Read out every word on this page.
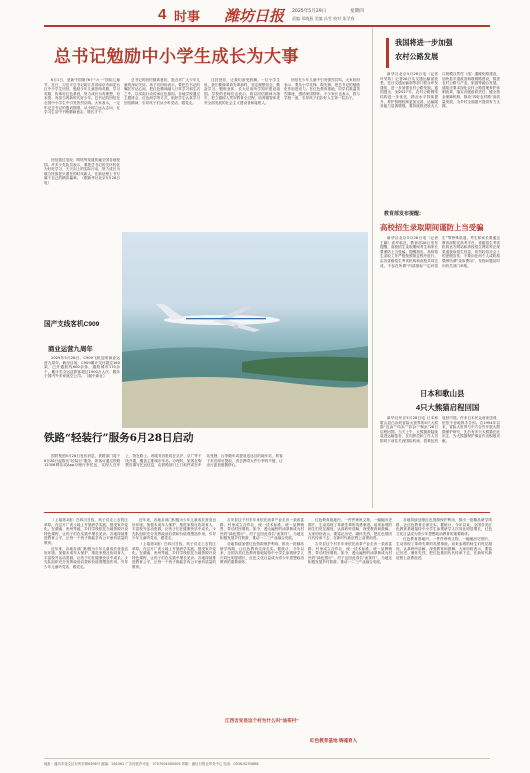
4 时事 潍坊日报 2025年5月29日	星期四
责编 邓晓燕 美编 冯雪 校对 朱学春
总书记勉励中小学生成长为大事

6月1日，是新中国第76个“六一”国际儿童节。近日，习近平总书记给江苏省南京市雨花台区中小学生回信，勉励少年儿童崇尚英雄、学习英雄，传承好红色基因，努力成长为有理想、有本领、有担当的新时代好少年。总书记的回信在全国中小学生中引发热烈反响。大家表示，一定牢记总书记的殷切期望，从小树立远大志向，在学习生活中不断磨砺意志、增长才干。

总书记的回信情真意切，饱含对广大少年儿童的深切关怀。孩子们纷纷表示，要把总书记的嘱托牢记心间，把红色精神融入日常学习和生活之中，以实际行动传承红色基因。各地学校通过主题班会、红色研学等方式，组织学生认真学习回信精神，引导孩子们从小听党话、跟党走。

这封回信，让我们备受鼓舞。一位小学生说，我们要像革命先辈那样，坚定理想信念，勤奋学习，锻炼身体，长大后用所学知识建设祖国。学校的老师们也表示，将以回信精神为指引，把立德树人贯穿教育全过程，培养德智体美劳全面发展的社会主义建设者和接班人。

回信在少年儿童中引发强烈共鸣。大家纷纷表示，要从小学先锋、做先锋，把总书记的勉励化作前进动力。在红色教育基地，同学们重温英烈事迹，感悟家国情怀。不少家长也表示，将与学校一道，引导孩子们扣好人生第一粒扣子。

回信通过电视、网络等渠道传遍全国各地校园。许多少先队员表示，要把总书记的关怀转化为好好学习、天天向上的实际行动，努力成长为堪当民族复兴重任的时代新人，在新征程上书写属于自己的精彩篇章。（据新华社北京5月28日电）

国产支线客机C909
商业运营九周年

2025年5月28日，C909飞机迎来商业运营九周年。截至目前，C909累计交付超过160架，已开通航线600余条，通航城市170余个，累计安全运送旅客超过1900万人次，服务于国内外多家航空公司。（据中新社）

铁路“轻装行”服务6月28日启动

国铁集团5月28日发布消息，铁路部门将于6月28日起推出“轻装行”服务，旅客可通过铁路12306网站或App办理行李托运，实现人在车上、物在路上。该服务首批将在京沪、京广等干线开通，覆盖主要城市车站。办理时，旅客在购票后填写托运信息，由铁路部门上门取件或在车站受理，行李随车或提前送达目的地车站，旅客下车后即可提取，省去携带大件行李的不便，让出行更加便捷舒心。

我国将进一步加强
农村公路发展

新华社北京5月28日电（记者 叶昊鸣）记者28日从交通运输部获悉，近日交通运输部等部门联合印发通知，进一步加强农村公路发展。通知提出，到2027年，农村公路网络结构进一步优化，路况水平持续提升，养护管理机制更加完善，运输服务能力显著增强。要持续推进较大人口规模自然村（组）通硬化路建设，加快县乡道改造和联网路建设，推进农村公路与产业、旅游等融合发展。通知还要求深化农村公路管理养护体制改革，落实各级政府责任，健全资金保障机制，推动“四好农村路”高质量发展，为乡村全面振兴提供有力支撑。

教育部发布提醒：
高校招生录取期间谨防上当受骗

新华社北京5月28日电（记者 王鹏）高考临近，教育部28日发布提醒，高校招生录取期间考生和家长要谨防上当受骗。提醒指出，高校招生录取工作严格按照规定程序进行，由各省级招生考试机构和高校共同完成，不存在所谓“内部指标”“定向招生”等特殊渠道。考生和家长要通过教育部阳光高考平台、省级招生考试机构官方网站和高校招生网站等正规渠道获取招生信息，切勿轻信社会上的虚假宣传，不要向任何个人或机构缴纳所谓“录取费用”，发现问题及时向有关部门举报。

日本和歌山县
4只大熊猫启程回国

新华社东京5月28日电 日本和歌山县白浜町冒险大世界的4只大熊猫“良浜”“结浜”“彩浜”“枫浜”28日启程回国。当天上午，大熊猫被陆续装进运输笼舍，在饲养员和工作人员陪同下前往关西国际机场，搭乘包机返回中国。许多日本民众前来送别，依依不舍地挥手告别。自1994年以来，冒险大世界与中方合作开展大熊猫保护研究，先后有多只大熊猫在此出生，为大熊猫保护事业作出积极贡献。

（上接第1版）在四川甘孜，孩子们走上农牧区草原，在这片广袤土地上开展研学实践，感受家乡变化。在湖南、贵州等地，乡村学校依托当地资源开设特色课程，让孩子们在实践中增长见识。各地持续推进教育公平，让每一个孩子都能享有公平而有质量的教育。

近年来，各地各部门积极为少年儿童成长营造良好环境。加强未成年人保护，推进家校社协同育人，丰富校外活动资源，让孩子们在健康快乐中成长。少先队组织充分发挥政治启蒙和价值观塑造作用，引导少年儿童听党话、跟党走。

近年来，各地各部门积极为少年儿童成长营造良好环境。加强未成年人保护，推进家校社协同育人，丰富校外活动资源，让孩子们在健康快乐中成长。少先队组织充分发挥政治启蒙和价值观塑造作用，引导少年儿童听党话、跟党走。

（上接第1版）在四川甘孜，孩子们走上农牧区草原，在这片广袤土地上开展研学实践，感受家乡变化。在湖南、贵州等地，乡村学校依托当地资源开设特色课程，让孩子们在实践中增长见识。各地持续推进教育公平，让每一个孩子都能享有公平而有质量的教育。

吉安县这个村多年来依托油茶产业走出一条致富路。村里成立合作社，统一技术标准、统一品牌销售，带动村民增收。如今，漫山遍野的油茶林成为村民的“绿色银行”，村子也因此得名“油茶村”。当地还积极发展乡村旅游，推动一二三产业融合发展。

各地持续加强红色资源保护利用，推出一批精品研学线路，让红色教育走深走实。据统计，今年以来，全国各类红色教育基地接待中小学生参观研学人次同比明显增长，红色文化日益成为青少年思想政治教育的重要载体。

红色教育基地内，一件件珍贵文物、一幅幅历史图片，生动再现了革命先辈的英勇事迹。前来参观的师生们驻足凝视，认真聆听讲解，深受教育和鼓舞。大家纷纷表示，要铭记历史、缅怀先烈，把红色基因代代传承下去，在新时代新征程上奋勇前进。

吉安县这个村多年来依托油茶产业走出一条致富路。村里成立合作社，统一技术标准、统一品牌销售，带动村民增收。如今，漫山遍野的油茶林成为村民的“绿色银行”，村子也因此得名“油茶村”。当地还积极发展乡村旅游，推动一二三产业融合发展。

各地持续加强红色资源保护利用，推出一批精品研学线路，让红色教育走深走实。据统计，今年以来，全国各类红色教育基地接待中小学生参观研学人次同比明显增长，红色文化日益成为青少年思想政治教育的重要载体。

红色教育基地内，一件件珍贵文物、一幅幅历史图片，生动再现了革命先辈的英勇事迹。前来参观的师生们驻足凝视，认真聆听讲解，深受教育和鼓舞。大家纷纷表示，要铭记历史、缅怀先烈，把红色基因代代传承下去，在新时代新征程上奋勇前进。

江西吉安县这个村为什么叫“油茶村”
红色教育基地 铸魂育人
地址：潍坊市奎文区东风东街6396号 邮编：261061 广告经营许可证：3707004000005 印刷：潍坊日报社印务中心 电话：0536-8255888
